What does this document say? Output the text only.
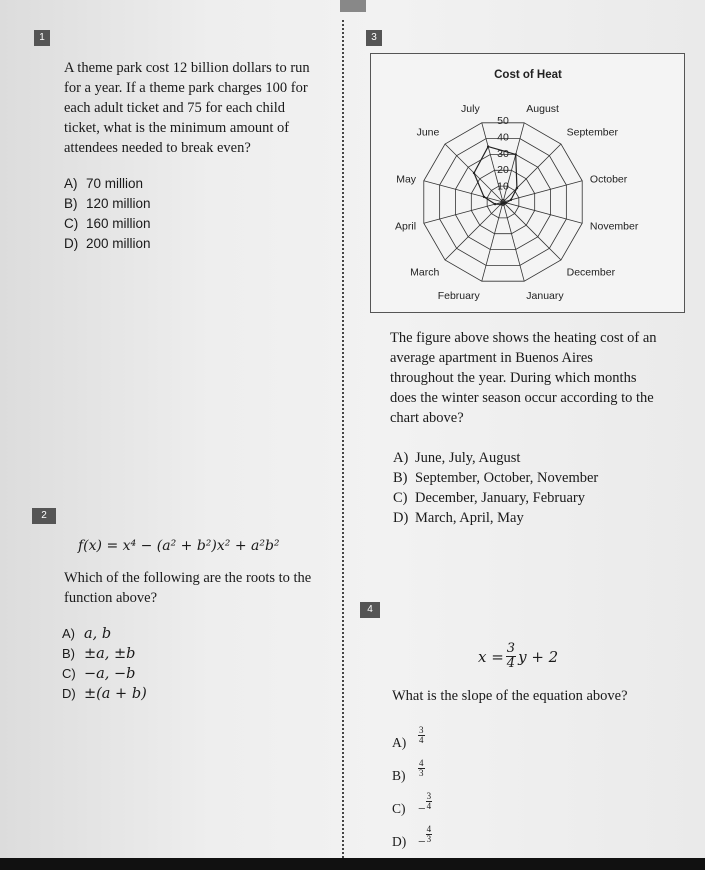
1
A theme park cost 12 billion dollars to run
for a year. If a theme park charges 100 for
each adult ticket and 75 for each child
ticket, what is the minimum amount of
attendees needed to break even?
A) 70 million
B) 120 million
C) 160 million
D) 200 million
3
Cost of Heat
0
10
20
30
40
50
August
September
October
November
December
January
February
March
April
May
June
July
The figure above shows the heating cost of an
average apartment in Buenos Aires
throughout the year. During which months
does the winter season occur according to the
chart above?
A) June, July, August
B) September, October, November
C) December, January, February
D) March, April, May
2
f(x) = x⁴ − (a² + b²)x² + a²b²
Which of the following are the roots to the
function above?
A) a, b
B) ±a, ±b
C) −a, −b
D) ±(a + b)
4
$x = \frac{3}{4}$ y + 2
What is the slope of the equation above?
A)	$\frac{3}{4}$
B)	$\frac{4}{3}$
$C) - \frac{3}{4}$
$D) - \frac{4}{3}$
